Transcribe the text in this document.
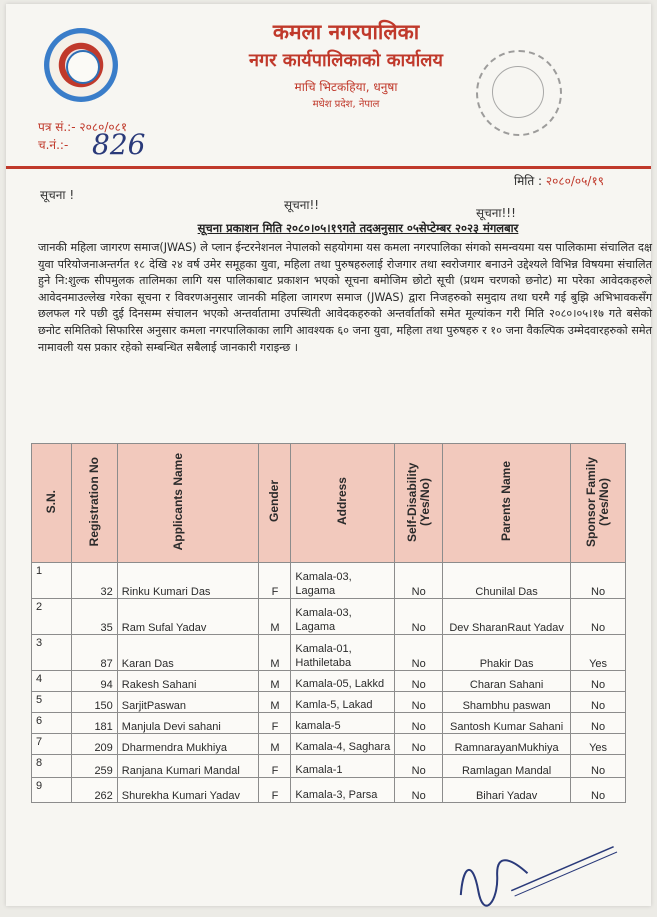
कमला नगरपालिका
नगर कार्यपालिकाको कार्यालय
माचि भिटकहिया, धनुषा
मधेश प्रदेश, नेपाल
पत्र सं.:- २०८०/०८१
च.नं.:- 826
मिति : २०८०/०५/१९
सूचना !
सूचना!!
सूचना!!!
सूचना प्रकाशन मिति २०८०।०५।१९गते तदअनुसार ०५सेप्टेम्बर २०२३ मंगलबार
जानकी महिला जागरण समाज(JWAS) ले प्लान ईन्टरनेशनल नेपालको सहयोगमा यस कमला नगरपालिका संगको समन्वयमा यस पालिकामा संचालित दक्ष युवा परियोजनाअन्तर्गत १८ देखि २४ वर्ष उमेर समूहका युवा, महिला तथा पुरुषहरुलाई रोजगार तथा स्वरोजगार बनाउने उद्देश्यले विभिन्न विषयमा संचालित हुने नि:शुल्क सीपमुलक तालिमका लागि यस पालिकाबाट प्रकाशन भएको सूचना बमोजिम छोटो सूची (प्रथम चरणको छनोट) मा परेका आवेदकहरुले आवेदनमाउल्लेख गरेका सूचना र विवरणअनुसार जानकी महिला जागरण समाज (JWAS) द्वारा निजहरुको समुदाय तथा घरमै गई बुझि अभिभावकसँग छलफल गरे पछी दुई दिनसम्म संचालन भएको अन्तर्वातामा उपस्थिती आवेदकहरुको अन्तर्वार्ताको समेत मूल्यांकन गरी मिति २०८०।०५।१७ गते बसेको छनोट समितिको सिफारिस अनुसार कमला नगरपालिकाका लागि आवश्यक ६० जना युवा, महिला तथा पुरुषहरु र १० जना वैकल्पिक उम्मेदवारहरुको समेत नामावली यस प्रकार रहेको सम्बन्धित सबैलाई जानकारी गराइन्छ ।
S.N.	Registration No	Applicants Name	Gender	Address	Self-Disability (Yes/No)	Parents Name	Sponsor Family (Yes/No)
1	32	Rinku Kumari Das	F	Kamala-03, Lagama	No	Chunilal Das	No
2	35	Ram Sufal Yadav	M	Kamala-03, Lagama	No	Dev SharanRaut Yadav	No
3	87	Karan Das	M	Kamala-01, Hathiletaba	No	Phakir Das	Yes
4	94	Rakesh Sahani	M	Kamala-05, Lakkd	No	Charan Sahani	No
5	150	SarjitPaswan	M	Kamla-5, Lakad	No	Shambhu paswan	No
6	181	Manjula Devi sahani	F	kamala-5	No	Santosh Kumar Sahani	No
7	209	Dharmendra Mukhiya	M	Kamala-4, Saghara	No	RamnarayanMukhiya	Yes
8	259	Ranjana Kumari Mandal	F	Kamala-1	No	Ramlagan Mandal	No
9	262	Shurekha Kumari Yadav	F	Kamala-3, Parsa	No	Bihari Yadav	No
